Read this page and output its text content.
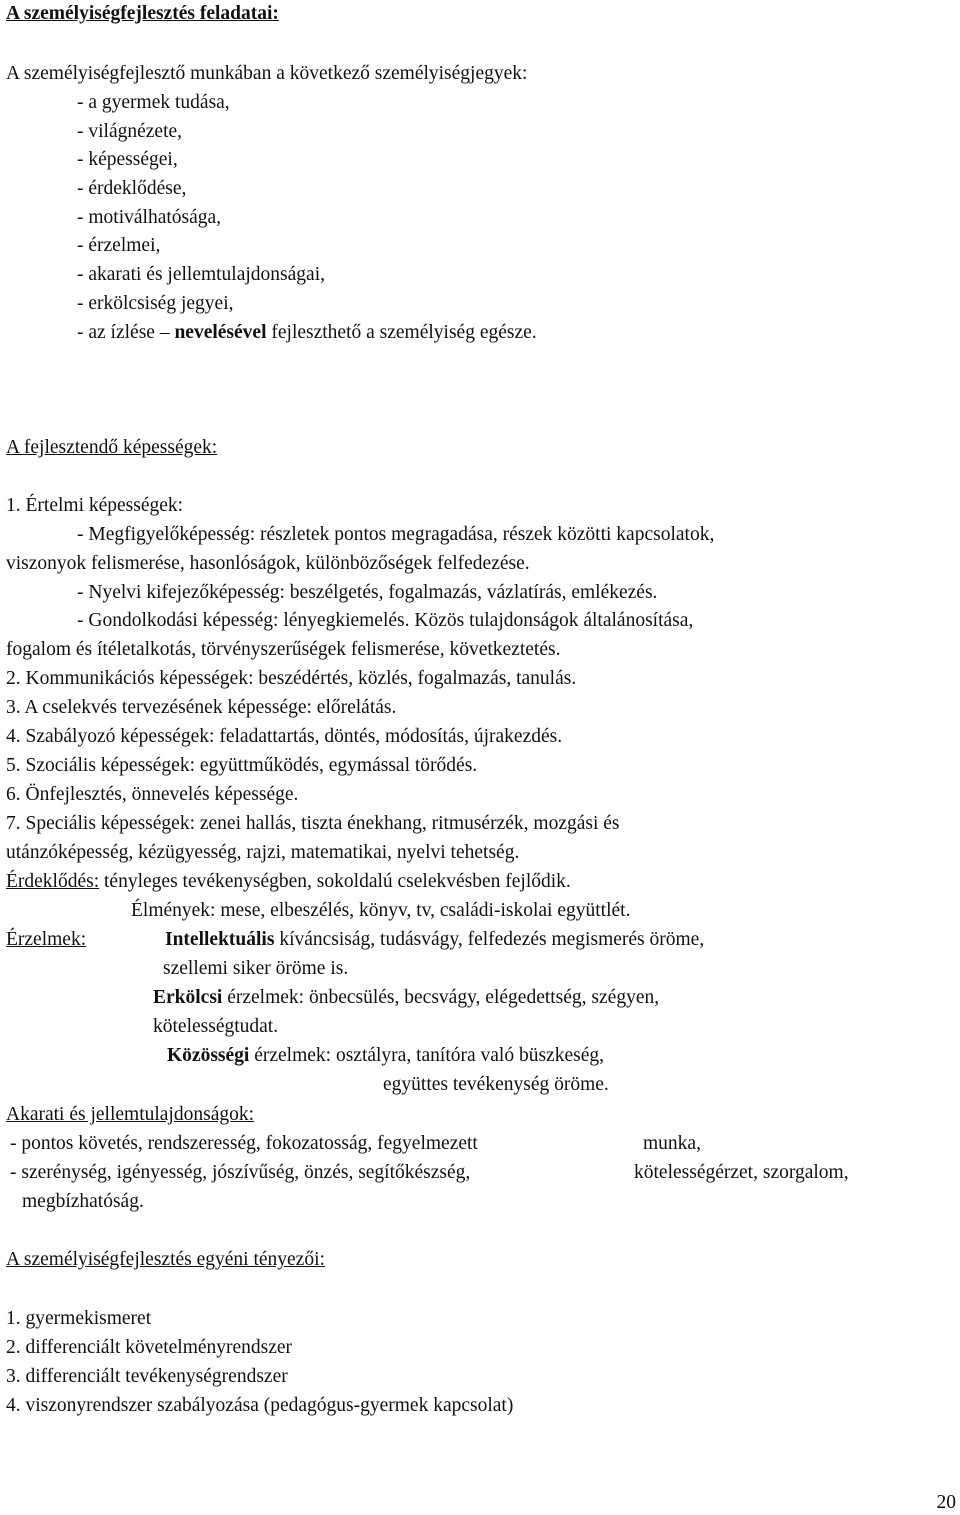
A személyiségfejlesztés feladatai:
A személyiségfejlesztő munkában a következő személyiségjegyek:
- a gyermek tudása,
- világnézete,
- képességei,
- érdeklődése,
- motiválhatósága,
- érzelmei,
- akarati és jellemtulajdonságai,
- erkölcsiség jegyei,
- az ízlése – nevelésével fejleszthető a személyiség egésze.
A fejlesztendő képességek:
1. Értelmi képességek:
- Megfigyelőképesség: részletek pontos megragadása, részek közötti kapcsolatok,
viszonyok felismerése, hasonlóságok, különbözőségek felfedezése.
- Nyelvi kifejezőképesség: beszélgetés, fogalmazás, vázlatírás, emlékezés.
- Gondolkodási képesség: lényegkiemelés. Közös tulajdonságok általánosítása,
fogalom és ítéletalkotás, törvényszerűségek felismerése, következtetés.
2. Kommunikációs képességek: beszédértés, közlés, fogalmazás, tanulás.
3. A cselekvés tervezésének képessége: előrelátás.
4. Szabályozó képességek: feladattartás, döntés, módosítás, újrakezdés.
5. Szociális képességek: együttműködés, egymással törődés.
6. Önfejlesztés, önnevelés képessége.
7. Speciális képességek: zenei hallás, tiszta énekhang, ritmusérzék, mozgási és
utánzóképesség, kézügyesség, rajzi, matematikai, nyelvi tehetség.
Érdeklődés: tényleges tevékenységben, sokoldalú cselekvésben fejlődik.
Élmények: mese, elbeszélés, könyv, tv, családi-iskolai együttlét.
Érzelmek:	Intellektuális kíváncsiság, tudásvágy, felfedezés megismerés öröme,
szellemi siker öröme is.
Erkölcsi érzelmek: önbecsülés, becsvágy, elégedettség, szégyen,
kötelességtudat.
Közösségi érzelmek: osztályra, tanítóra való büszkeség,
együttes tevékenység öröme.
Akarati és jellemtulajdonságok:
- pontos követés, rendszeresség, fokozatosság, fegyelmezett	munka,
- szerénység, igényesség, jószívűség, önzés, segítőkészség,	kötelességérzet, szorgalom,
megbízhatóság.
A személyiségfejlesztés egyéni tényezői:
1. gyermekismeret
2. differenciált követelményrendszer
3. differenciált tevékenységrendszer
4. viszonyrendszer szabályozása (pedagógus-gyermek kapcsolat)
20
